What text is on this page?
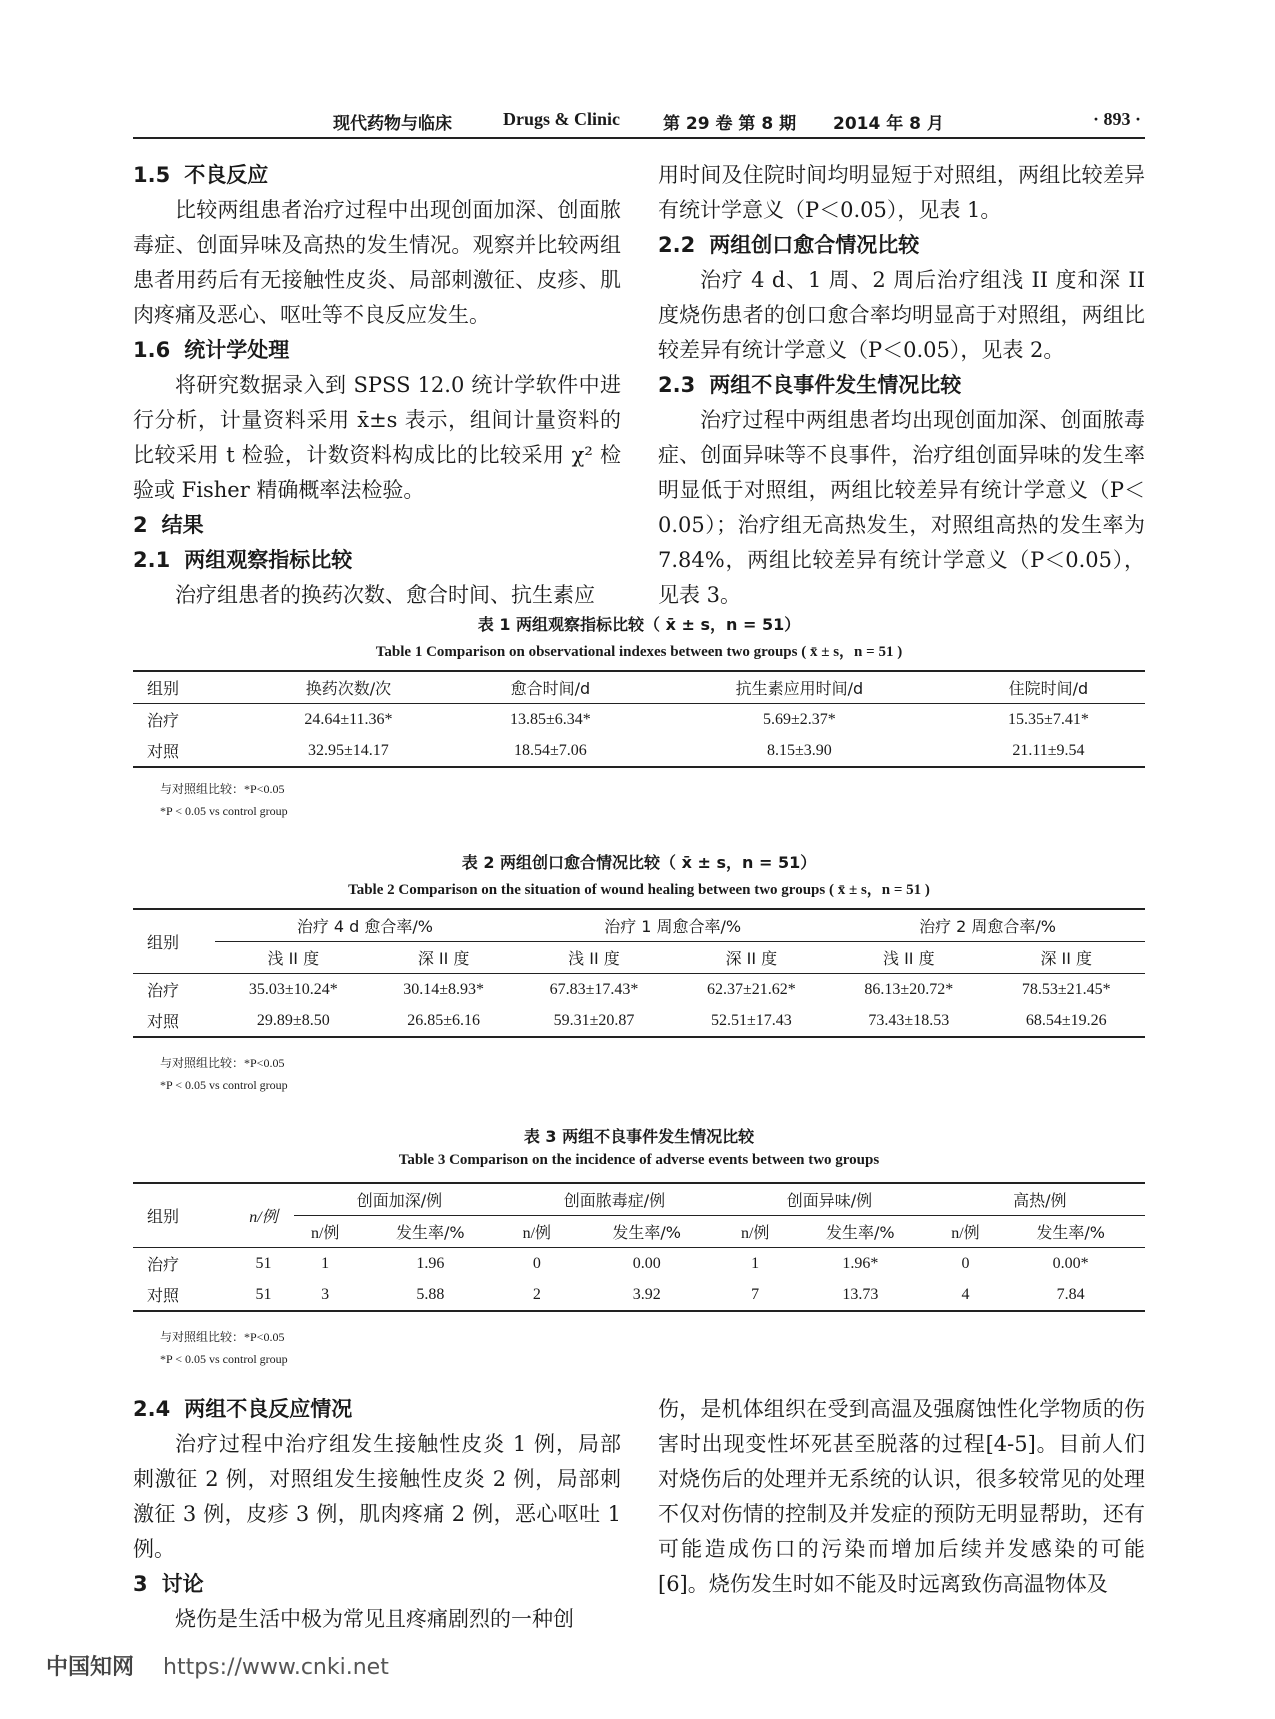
现代药物与临床	Drugs & Clinic	第 29 卷 第 8 期 2014 年 8 月	· 893 ·
1.5 不良反应

比较两组患者治疗过程中出现创面加深、创面脓毒症、创面异味及高热的发生情况。观察并比较两组患者用药后有无接触性皮炎、局部刺激征、皮疹、肌肉疼痛及恶心、呕吐等不良反应发生。

1.6 统计学处理

将研究数据录入到 SPSS 12.0 统计学软件中进行分析，计量资料采用 x̄±s 表示，组间计量资料的比较采用 t 检验，计数资料构成比的比较采用 χ² 检验或 Fisher 精确概率法检验。

2 结果
2.1 两组观察指标比较

治疗组患者的换药次数、愈合时间、抗生素应

用时间及住院时间均明显短于对照组，两组比较差异有统计学意义（P＜0.05），见表 1。

2.2 两组创口愈合情况比较

治疗 4 d、1 周、2 周后治疗组浅 II 度和深 II 度烧伤患者的创口愈合率均明显高于对照组，两组比较差异有统计学意义（P＜0.05），见表 2。

2.3 两组不良事件发生情况比较

治疗过程中两组患者均出现创面加深、创面脓毒症、创面异味等不良事件，治疗组创面异味的发生率明显低于对照组，两组比较差异有统计学意义（P＜0.05）；治疗组无高热发生，对照组高热的发生率为 7.84%，两组比较差异有统计学意义（P＜0.05），见表 3。

表 1 两组观察指标比较（ x̄ ± s，n = 51）
Table 1 Comparison on observational indexes between two groups ( x̄ ± s，n = 51 )
组别	换药次数/次	愈合时间/d	抗生素应用时间/d	住院时间/d
治疗	24.64±11.36*	13.85±6.34*	5.69±2.37*	15.35±7.41*
对照	32.95±14.17	18.54±7.06	8.15±3.90	21.11±9.54
与对照组比较：*P<0.05
*P < 0.05 vs control group
表 2 两组创口愈合情况比较（ x̄ ± s，n = 51）
Table 2 Comparison on the situation of wound healing between two groups ( x̄ ± s，n = 51 )
组别	治疗 4 d 愈合率/%		治疗 1 周愈合率/%		治疗 2 周愈合率/%	
	浅 II 度	深 II 度	浅 II 度	深 II 度	浅 II 度	深 II 度
治疗	35.03±10.24*	30.14±8.93*	67.83±17.43*	62.37±21.62*	86.13±20.72*	78.53±21.45*
对照	29.89±8.50	26.85±6.16	59.31±20.87	52.51±17.43	73.43±18.53	68.54±19.26
与对照组比较：*P<0.05
*P < 0.05 vs control group
表 3 两组不良事件发生情况比较
Table 3 Comparison on the incidence of adverse events between two groups
组别	n/例	创面加深/例		创面脓毒症/例		创面异味/例		高热/例	
		n/例	发生率/%	n/例	发生率/%	n/例	发生率/%	n/例	发生率/%
治疗	51	1	1.96	0	0.00	1	1.96*	0	0.00*
对照	51	3	5.88	2	3.92	7	13.73	4	7.84
与对照组比较：*P<0.05
*P < 0.05 vs control group
2.4 两组不良反应情况

治疗过程中治疗组发生接触性皮炎 1 例，局部刺激征 2 例，对照组发生接触性皮炎 2 例，局部刺激征 3 例，皮疹 3 例，肌肉疼痛 2 例，恶心呕吐 1 例。

3 讨论

烧伤是生活中极为常见且疼痛剧烈的一种创

伤，是机体组织在受到高温及强腐蚀性化学物质的伤害时出现变性坏死甚至脱落的过程[4-5]。目前人们对烧伤后的处理并无系统的认识，很多较常见的处理不仅对伤情的控制及并发症的预防无明显帮助，还有可能造成伤口的污染而增加后续并发感染的可能[6]。烧伤发生时如不能及时远离致伤高温物体及

中国知网 https://www.cnki.net
